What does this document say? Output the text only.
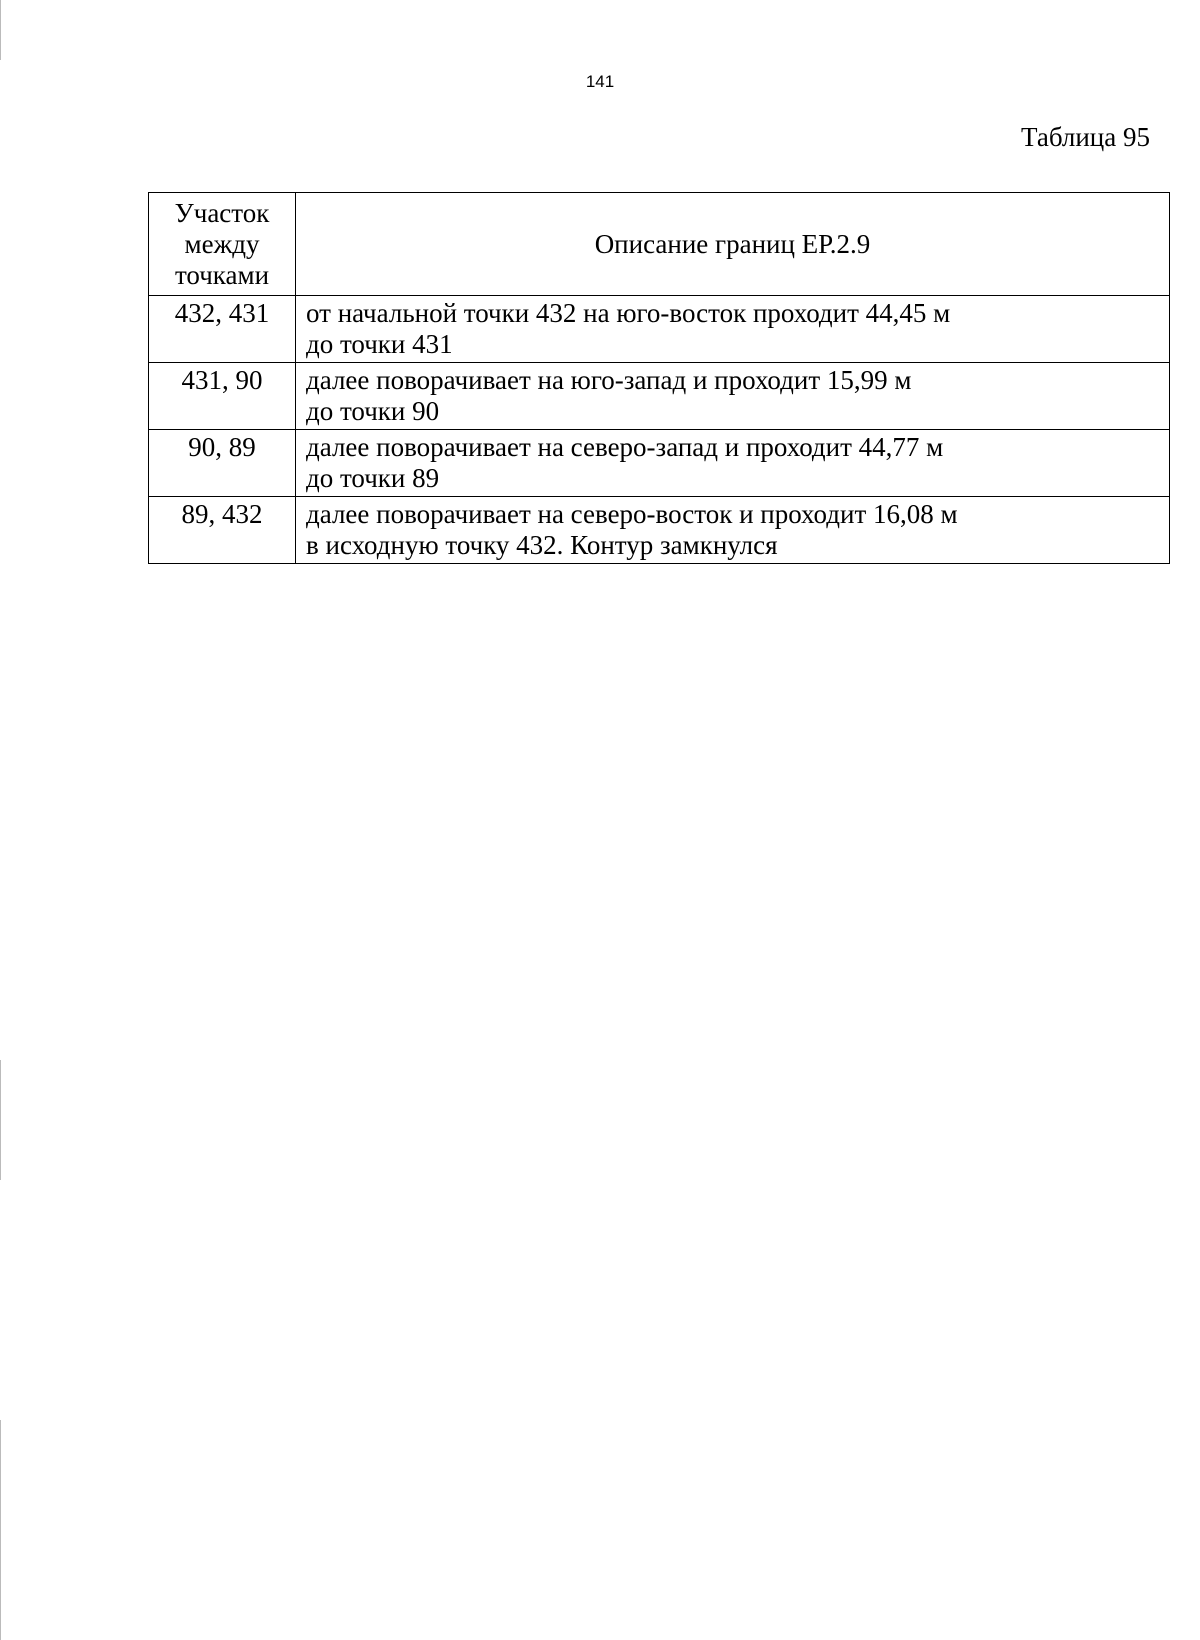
141
Таблица 95
Участок
между
точками	Описание границ ЕР.2.9
432, 431	от начальной точки 432 на юго-восток проходит 44,45 м
до точки 431

431, 90	далее поворачивает на юго-запад и проходит 15,99 м
до точки 90

90, 89	далее поворачивает на северо-запад и проходит 44,77 м
до точки 89

89, 432	далее поворачивает на северо-восток и проходит 16,08 м
в исходную точку 432. Контур замкнулся
